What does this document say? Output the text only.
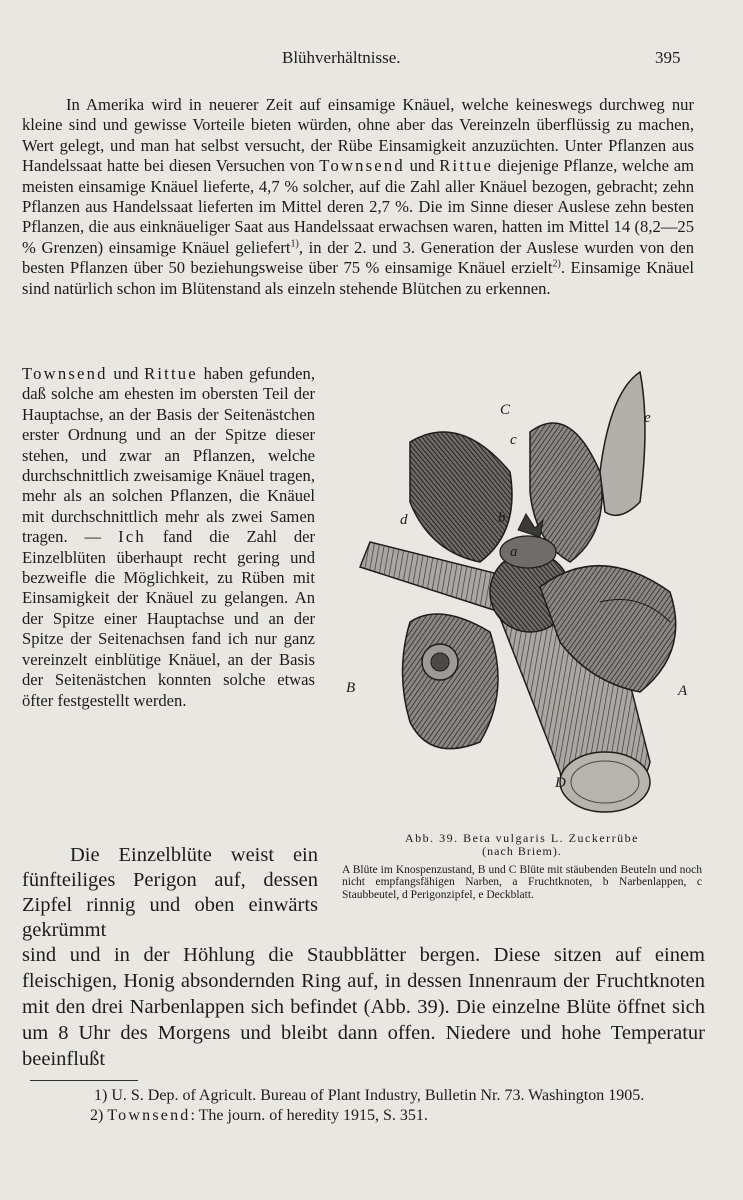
Blühverhältnisse.	395

In Amerika wird in neuerer Zeit auf einsamige Knäuel, welche keineswegs durchweg nur kleine sind und gewisse Vorteile bieten würden, ohne aber das Vereinzeln überflüssig zu machen, Wert gelegt, und man hat selbst versucht, der Rübe Einsamigkeit anzuzüchten. Unter Pflanzen aus Handelssaat hatte bei diesen Versuchen von Townsend und Rittue diejenige Pflanze, welche am meisten einsamige Knäuel lieferte, 4,7 % solcher, auf die Zahl aller Knäuel bezogen, gebracht; zehn Pflanzen aus Handelssaat lieferten im Mittel deren 2,7 %. Die im Sinne dieser Auslese zehn besten Pflanzen, die aus einknäueliger Saat aus Handelssaat erwachsen waren, hatten im Mittel 14 (8,2—25 % Grenzen) einsamige Knäuel geliefert$^{1)}$, in der 2. und 3. Generation der Auslese wurden von den besten Pflanzen über 50 beziehungsweise über 75 % einsamige Knäuel erzielt$^{2)}$. Einsamige Knäuel sind natürlich schon im Blütenstand als einzeln stehende Blütchen zu erkennen.

Townsend und Rittue haben gefunden, daß solche am ehesten im obersten Teil der Hauptachse, an der Basis der Seitenästchen erster Ordnung und an der Spitze dieser stehen, und zwar an Pflanzen, welche durchschnittlich zweisamige Knäuel tragen, mehr als an solchen Pflanzen, die Knäuel mit durchschnittlich mehr als zwei Samen tragen. — Ich fand die Zahl der Einzelblüten überhaupt recht gering und bezweifle die Möglichkeit, zu Rüben mit Einsamigkeit der Knäuel zu gelangen. An der Spitze einer Hauptachse und an der Spitze der Seitenachsen fand ich nur ganz vereinzelt einblütige Knäuel, an der Basis der Seitenästchen konnten solche etwas öfter festgestellt werden.

C
c
e
d	b
a
B	A
D
Abb. 39. Beta vulgaris L. Zuckerrübe
(nach Briem).
A Blüte im Knospenzustand, B und C Blüte mit stäubenden Beuteln und noch nicht empfangsfähigen Narben, a Fruchtknoten, b Narbenlappen, c Staubbeutel, d Perigonzipfel, e Deckblatt.

Die Einzelblüte weist ein fünfteiliges Perigon auf, dessen Zipfel rinnig und oben einwärts gekrümmt

sind und in der Höhlung die Staubblätter bergen. Diese sitzen auf einem fleischigen, Honig absondernden Ring auf, in dessen Innenraum der Fruchtknoten mit den drei Narbenlappen sich befindet (Abb. 39). Die einzelne Blüte öffnet sich um 8 Uhr des Morgens und bleibt dann offen. Niedere und hohe Temperatur beeinflußt

1) U. S. Dep. of Agricult. Bureau of Plant Industry, Bulletin Nr. 73. Washington 1905.

2) Townsend: The journ. of heredity 1915, S. 351.
